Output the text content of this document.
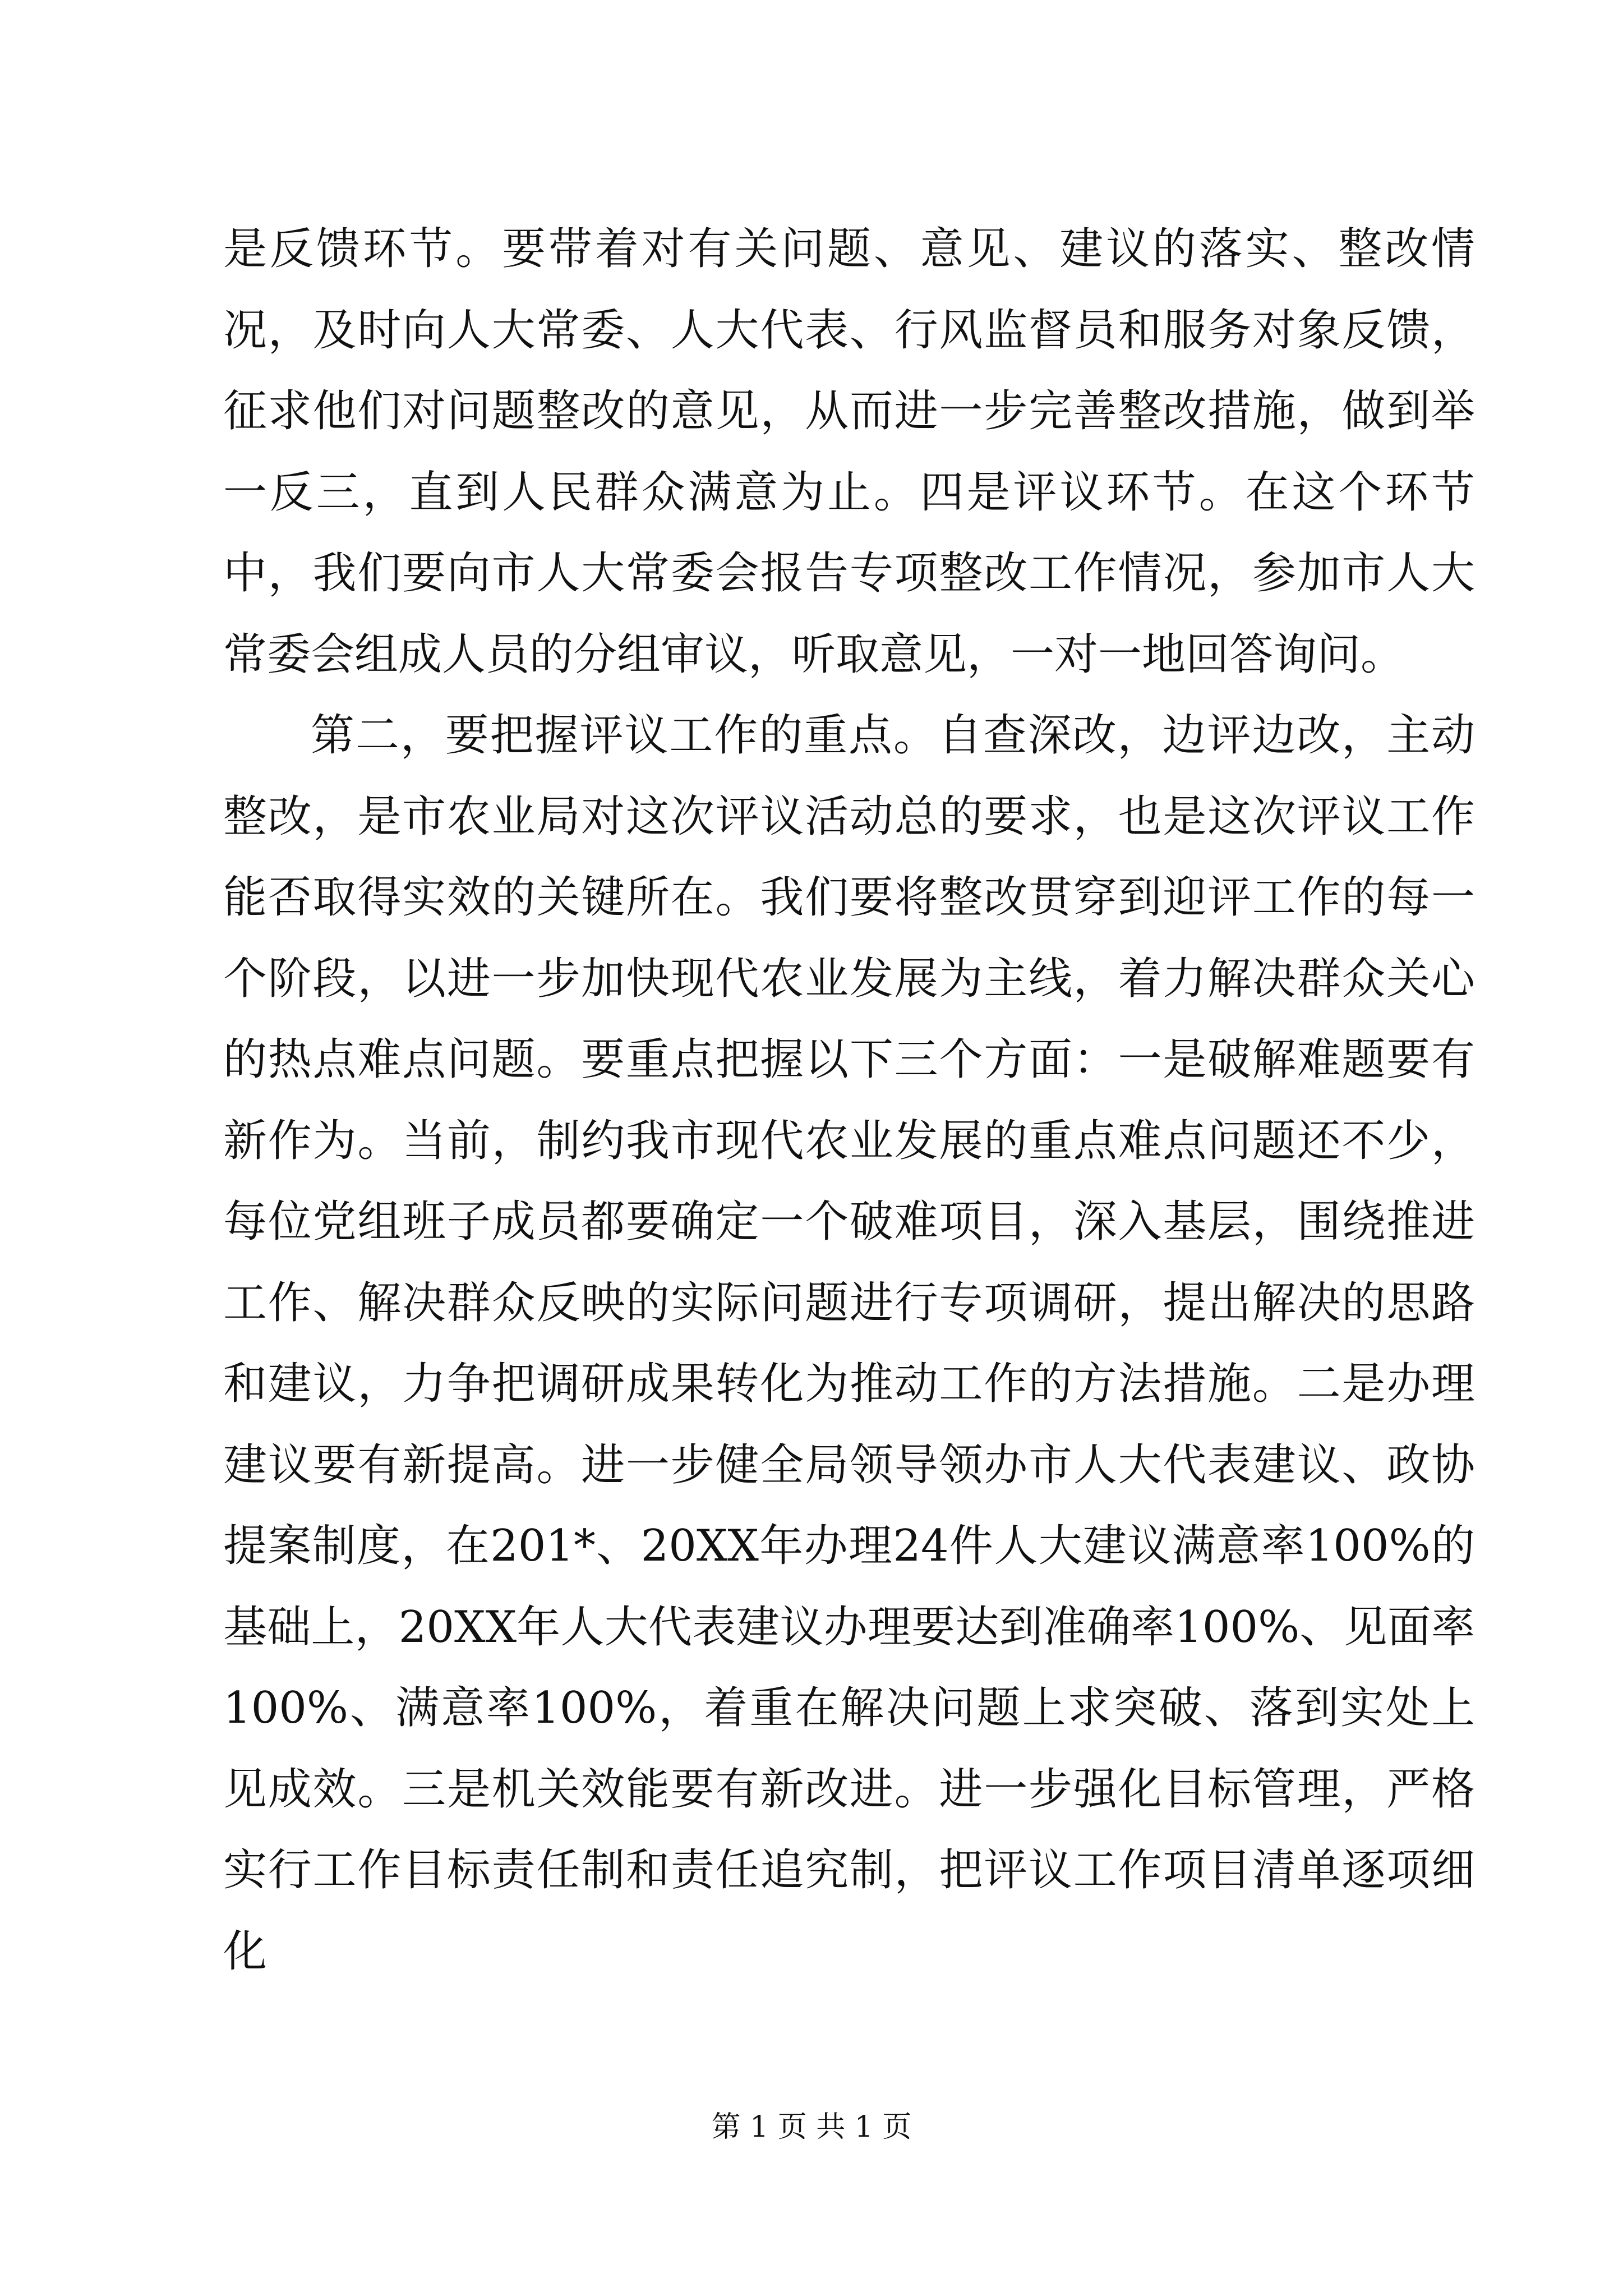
是反馈环节。要带着对有关问题、意见、建议的落实、整改情况，及时向人大常委、人大代表、行风监督员和服务对象反馈，征求他们对问题整改的意见，从而进一步完善整改措施，做到举一反三，直到人民群众满意为止。四是评议环节。在这个环节中，我们要向市人大常委会报告专项整改工作情况，参加市人大常委会组成人员的分组审议，听取意见，一对一地回答询问。

第二，要把握评议工作的重点。自查深改，边评边改，主动整改，是市农业局对这次评议活动总的要求，也是这次评议工作能否取得实效的关键所在。我们要将整改贯穿到迎评工作的每一个阶段，以进一步加快现代农业发展为主线，着力解决群众关心的热点难点问题。要重点把握以下三个方面：一是破解难题要有新作为。当前，制约我市现代农业发展的重点难点问题还不少，每位党组班子成员都要确定一个破难项目，深入基层，围绕推进工作、解决群众反映的实际问题进行专项调研，提出解决的思路和建议，力争把调研成果转化为推动工作的方法措施。二是办理建议要有新提高。进一步健全局领导领办市人大代表建议、政协提案制度，在201*、20XX年办理24件人大建议满意率100%的基础上，20XX年人大代表建议办理要达到准确率100%、见面率100%、满意率100%，着重在解决问题上求突破、落到实处上见成效。三是机关效能要有新改进。进一步强化目标管理，严格实行工作目标责任制和责任追究制，把评议工作项目清单逐项细化

第 1 页 共 1 页
